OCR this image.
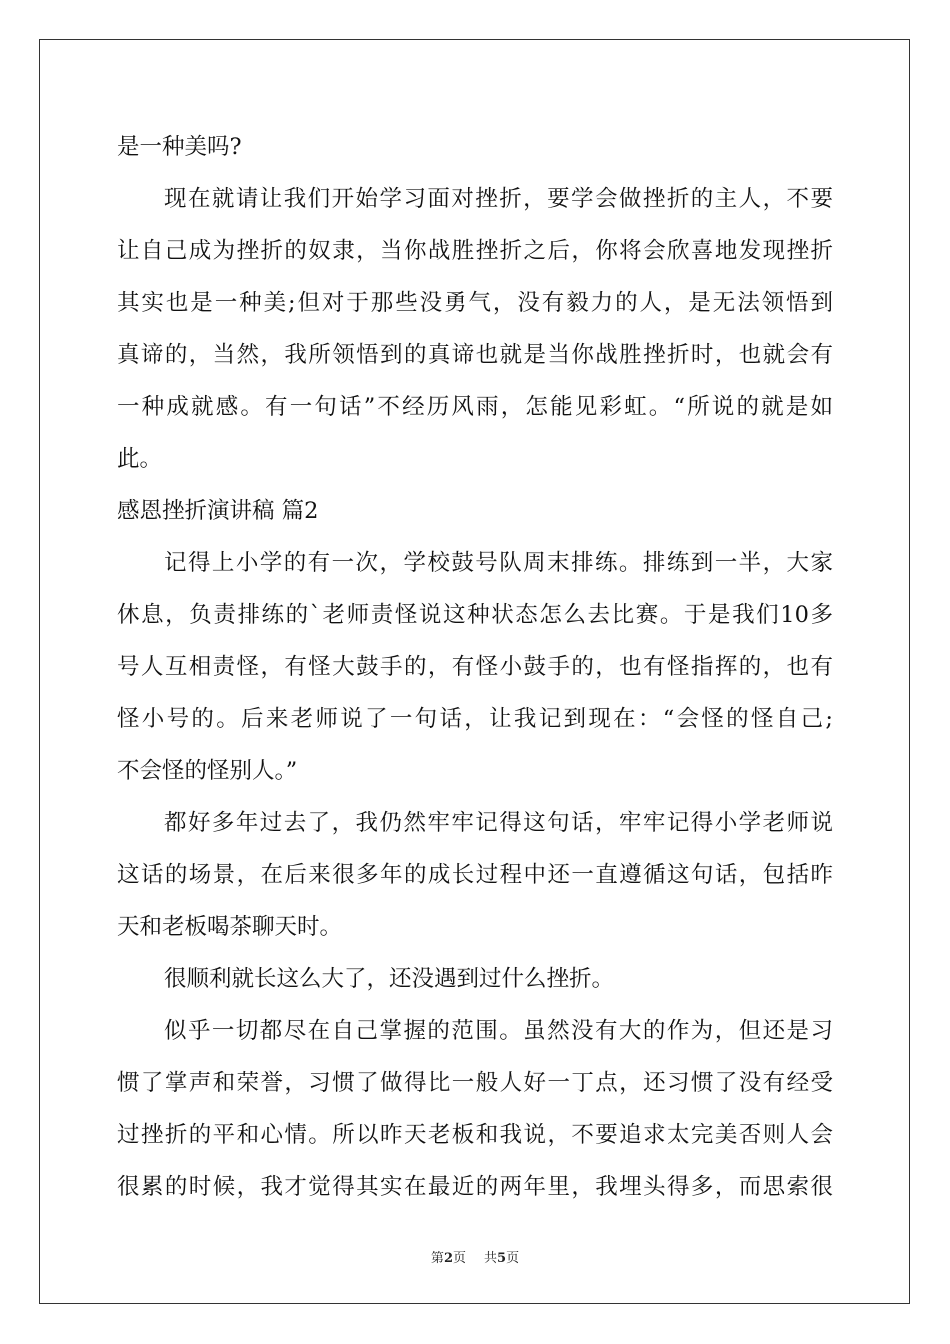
是一种美吗?
现在就请让我们开始学习面对挫折，要学会做挫折的主人，不要
让自己成为挫折的奴隶，当你战胜挫折之后，你将会欣喜地发现挫折
其实也是一种美;但对于那些没勇气，没有毅力的人，是无法领悟到
真谛的，当然，我所领悟到的真谛也就是当你战胜挫折时，也就会有
一种成就感。有一句话”不经历风雨，怎能见彩虹。“所说的就是如
此。
感恩挫折演讲稿 篇2
记得上小学的有一次，学校鼓号队周末排练。排练到一半，大家
休息，负责排练的`老师责怪说这种状态怎么去比赛。于是我们10多
号人互相责怪，有怪大鼓手的，有怪小鼓手的，也有怪指挥的，也有
怪小号的。后来老师说了一句话，让我记到现在：“会怪的怪自己;
不会怪的怪别人。”
都好多年过去了，我仍然牢牢记得这句话，牢牢记得小学老师说
这话的场景，在后来很多年的成长过程中还一直遵循这句话，包括昨
天和老板喝茶聊天时。
很顺利就长这么大了，还没遇到过什么挫折。
似乎一切都尽在自己掌握的范围。虽然没有大的作为，但还是习
惯了掌声和荣誉，习惯了做得比一般人好一丁点，还习惯了没有经受
过挫折的平和心情。所以昨天老板和我说，不要追求太完美否则人会
很累的时候，我才觉得其实在最近的两年里，我埋头得多，而思索很
第2页 共5页
